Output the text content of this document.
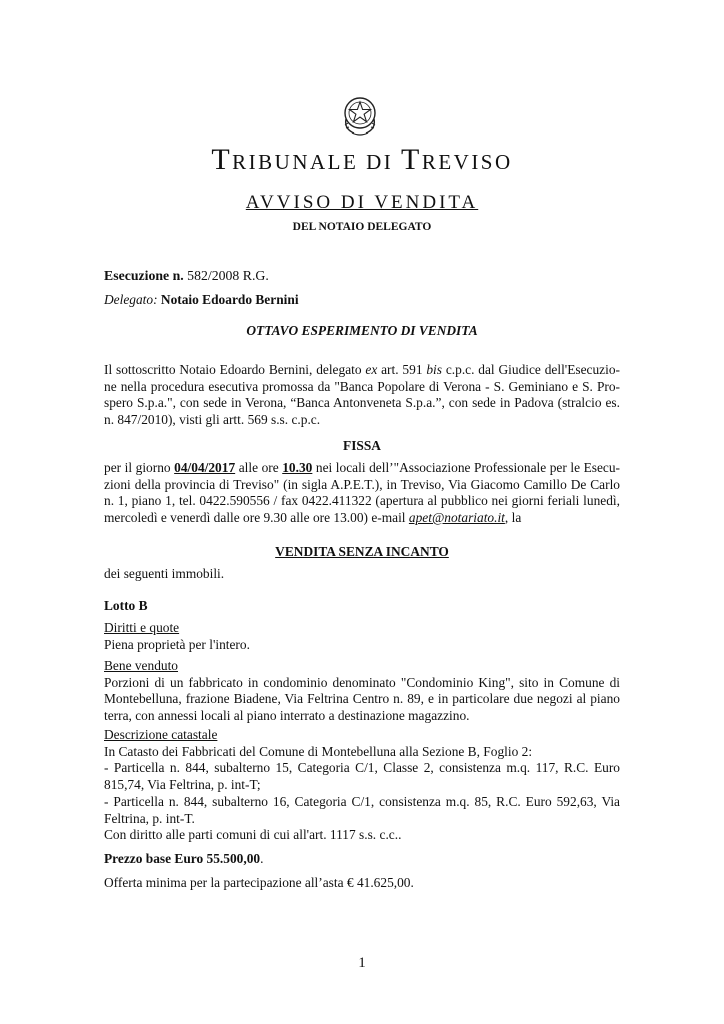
TRIBUNALE DI TREVISO
AVVISO DI VENDITA
DEL NOTAIO DELEGATO
Esecuzione n. 582/2008 R.G.
Delegato: Notaio Edoardo Bernini
OTTAVO ESPERIMENTO DI VENDITA
Il sottoscritto Notaio Edoardo Bernini, delegato ex art. 591 bis c.p.c. dal Giudice dell'Esecuzio-
ne nella procedura esecutiva promossa da "Banca Popolare di Verona - S. Geminiano e S. Pro-
spero S.p.a.", con sede in Verona, “Banca Antonveneta S.p.a.”, con sede in Padova (stralcio es.
n. 847/2010), visti gli artt. 569 s.s. c.p.c.
FISSA
per il giorno 04/04/2017 alle ore 10.30 nei locali dell’"Associazione Professionale per le Esecu-
zioni della provincia di Treviso" (in sigla A.P.E.T.), in Treviso, Via Giacomo Camillo De Carlo
n. 1, piano 1, tel. 0422.590556 / fax 0422.411322 (apertura al pubblico nei giorni feriali lunedì,
mercoledì e venerdì dalle ore 9.30 alle ore 13.00) e-mail apet@notariato.it, la
VENDITA SENZA INCANTO
dei seguenti immobili.
Lotto B
Diritti e quote
Piena proprietà per l'intero.
Bene venduto
Porzioni di un fabbricato in condominio denominato "Condominio King", sito in Comune di
Montebelluna, frazione Biadene, Via Feltrina Centro n. 89, e in particolare due negozi al piano
terra, con annessi locali al piano interrato a destinazione magazzino.
Descrizione catastale
In Catasto dei Fabbricati del Comune di Montebelluna alla Sezione B, Foglio 2:
- Particella n. 844, subalterno 15, Categoria C/1, Classe 2, consistenza m.q. 117, R.C. Euro
815,74, Via Feltrina, p. int-T;
- Particella n. 844, subalterno 16, Categoria C/1, consistenza m.q. 85, R.C. Euro 592,63, Via
Feltrina, p. int-T.
Con diritto alle parti comuni di cui all'art. 1117 s.s. c.c..
Prezzo base Euro 55.500,00.
Offerta minima per la partecipazione all’asta € 41.625,00.
1
